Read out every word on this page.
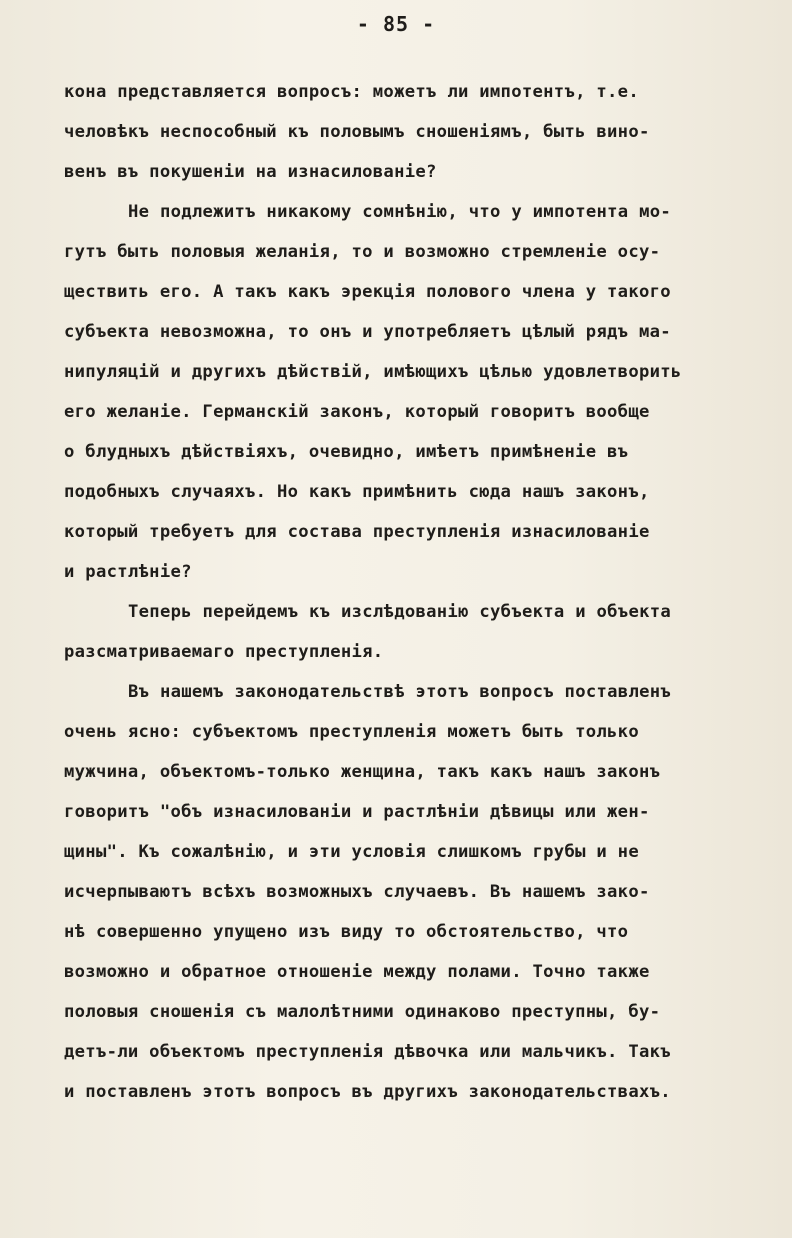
- 85 -
кона представляется вопросъ: можетъ ли импотентъ, т.е.
человѣкъ неспособный къ половымъ сношеніямъ, быть вино-
венъ въ покушеніи на изнасилованіе?
Не подлежитъ никакому сомнѣнію, что у импотента мо-
гутъ быть половыя желанія, то и возможно стремленіе осу-
ществить его. А такъ какъ эрекція полового члена у такого
субъекта невозможна, то онъ и употребляетъ цѣлый рядъ ма-
нипуляцій и другихъ дѣйствій, имѣющихъ цѣлью удовлетворить
его желаніе. Германскій законъ, который говоритъ вообще
о блудныхъ дѣйствіяхъ, очевидно, имѣетъ примѣненіе въ
подобныхъ случаяхъ. Но какъ примѣнить сюда нашъ законъ,
который требуетъ для состава преступленія изнасилованіе
и растлѣніе?
Теперь перейдемъ къ изслѣдованію субъекта и объекта
разсматриваемаго преступленія.
Въ нашемъ законодательствѣ этотъ вопросъ поставленъ
очень ясно: субъектомъ преступленія можетъ быть только
мужчина, объектомъ-только женщина, такъ какъ нашъ законъ
говоритъ "объ изнасилованіи и растлѣніи дѣвицы или жен-
щины". Къ сожалѣнію, и эти условія слишкомъ грубы и не
исчерпываютъ всѣхъ возможныхъ случаевъ. Въ нашемъ зако-
нѣ совершенно упущено изъ виду то обстоятельство, что
возможно и обратное отношеніе между полами. Точно также
половыя сношенія съ малолѣтними одинаково преступны, бу-
детъ-ли объектомъ преступленія дѣвочка или мальчикъ. Такъ
и поставленъ этотъ вопросъ въ другихъ законодательствахъ.
